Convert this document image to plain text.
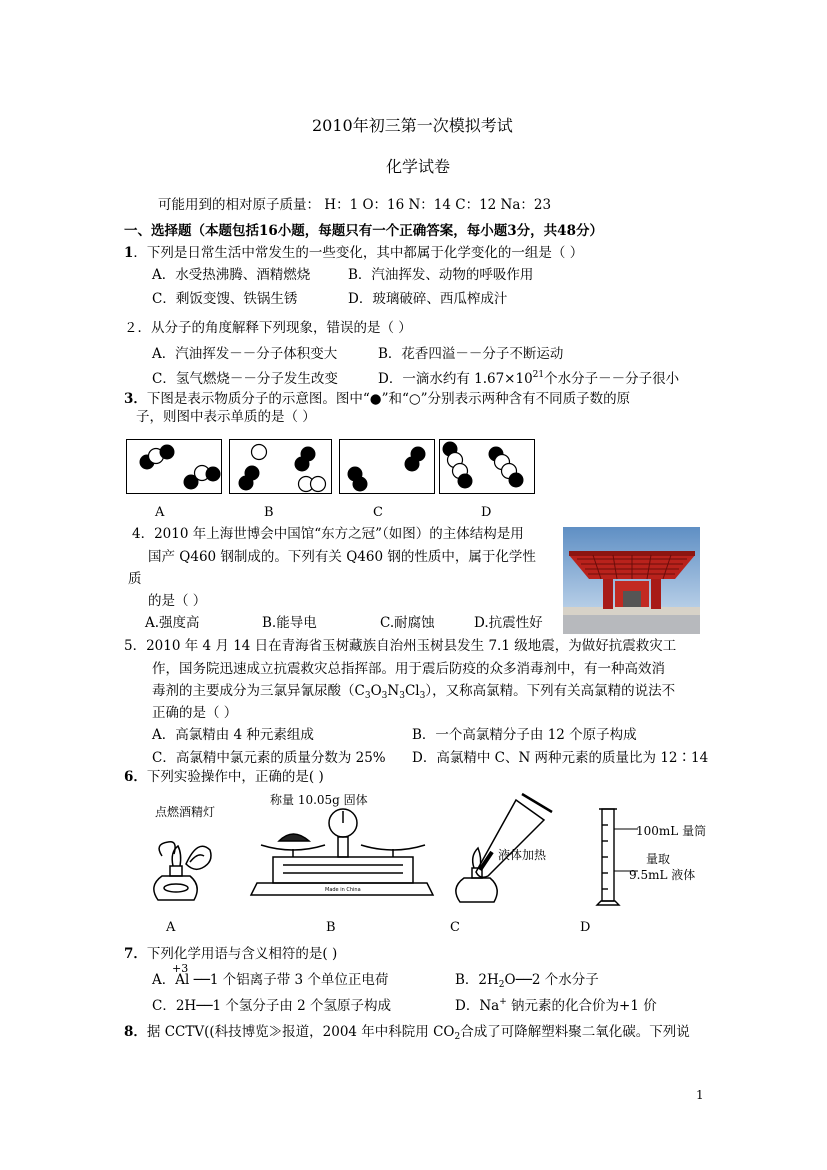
2010年初三第一次模拟考试
化学试卷
可能用到的相对原子质量： H：1 O：16 N：14 C：12 Na：23
一、选择题（本题包括16小题，每题只有一个正确答案，每小题3分，共48分）
1．下列是日常生活中常发生的一些变化，其中都属于化学变化的一组是（ ）
A．水受热沸腾、酒精燃烧	B．汽油挥发、动物的呼吸作用
C．剩饭变馊、铁锅生锈	D．玻璃破碎、西瓜榨成汁
２．从分子的角度解释下列现象，错误的是（ ）
A．汽油挥发－－分子体积变大	B．花香四溢－－分子不断运动
C．氢气燃烧－－分子发生改变	D．一滴水约有 $1.67\times 10^{21}$个水分子－－分子很小
3．下图是表示物质分子的示意图。图中“●”和“○”分别表示两种含有不同质子数的原
子，则图中表示单质的是（ ）
A	B	C	D
4．2010 年上海世博会中国馆“东方之冠”（如图）的主体结构是用
国产 Q460 钢制成的。下列有关 Q460 钢的性质中，属于化学性
质
的是（ ）
A.强度高	B.能导电	C.耐腐蚀	D.抗震性好
5．2010 年 4 月 14 日在青海省玉树藏族自治州玉树县发生 7.1 级地震，为做好抗震救灾工
作，国务院迅速成立抗震救灾总指挥部。用于震后防疫的众多消毒剂中，有一种高效消
毒剂的主要成分为三氯异氰尿酸$(C_3O_3N_3Cl_3)$，又称高氯精。下列有关高氯精的说法不
正确的是（ ）
A．高氯精由 4 种元素组成	B．一个高氯精分子由 12 个原子构成
C．高氯精中氯元素的质量分数为 25% D．高氯精中 C、N 两种元素的质量比为 12∶14
6．下列实验操作中，正确的是( )
点燃酒精灯
称量 10.05g 固体
Made in China
液体加热
100mL 量筒
量取
9.5mL 液体
A	B	C	D
7．下列化学用语与含义相符的是( )
+3
A．Al ──1 个铝离子带 3 个单位正电荷	B．$2H_2O──2$ 个水分子
C．2H──1 个氢分子由 2 个氢原子构成	D．Na+ 钠元素的化合价为+1 价
8．据 CCTV((科技博览≫报道，2004 年中科院用 $CO_2$合成了可降解塑料聚二氧化碳。下列说
1
